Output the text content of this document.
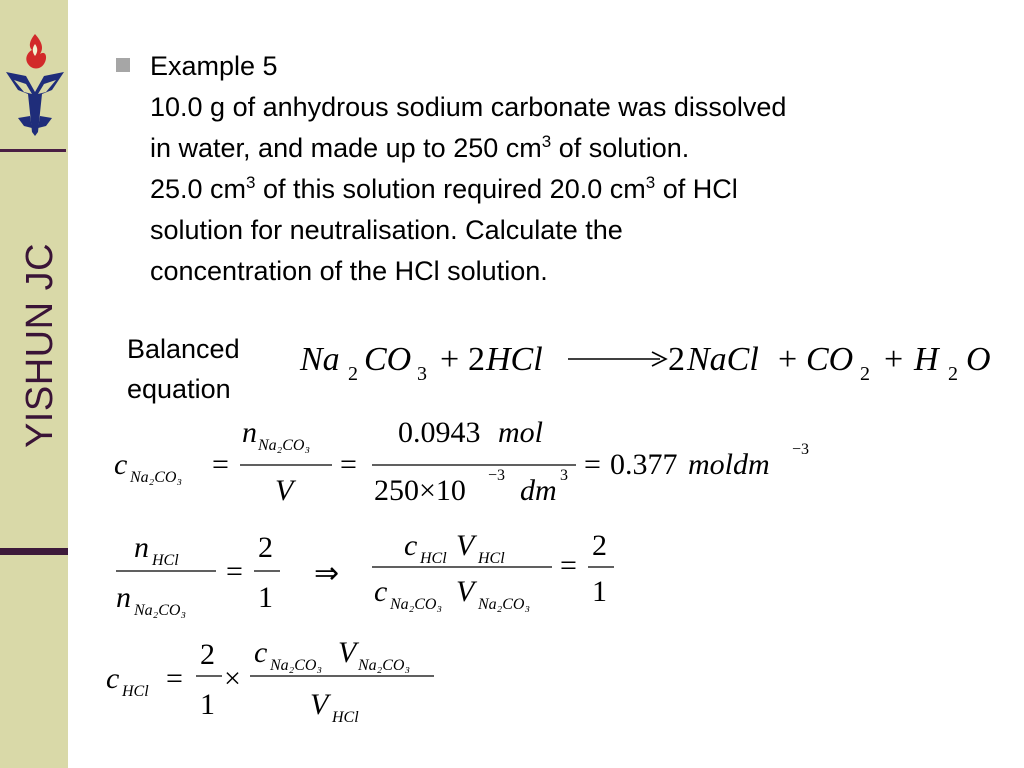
YISHUN JC
Example 5
10.0 g of anhydrous sodium carbonate was dissolved
in water, and made up to 250 $cm^3$ of solution.
25.0 $cm^3$ of this solution required 20.0 $cm^3$ of HCl
solution for neutralisation. Calculate the
concentration of the HCl solution.
Balanced
equation
Na 2 CO 3 + 2 HCl	2 NaCl + CO 2 + H 2 O
c Na₂CO₃ =
n Na₂CO₃
V
=
0.0943 mol
250×10 −3 dm 3 = 0.377 moldm −3
n HCl
n Na₂CO₃
=
2
1
⇒
c HCl V HCl
c Na₂CO₃ V Na₂CO₃
=
2
1
c HCl =
2
1
×
c Na₂CO₃ V Na₂CO₃
V HCl
